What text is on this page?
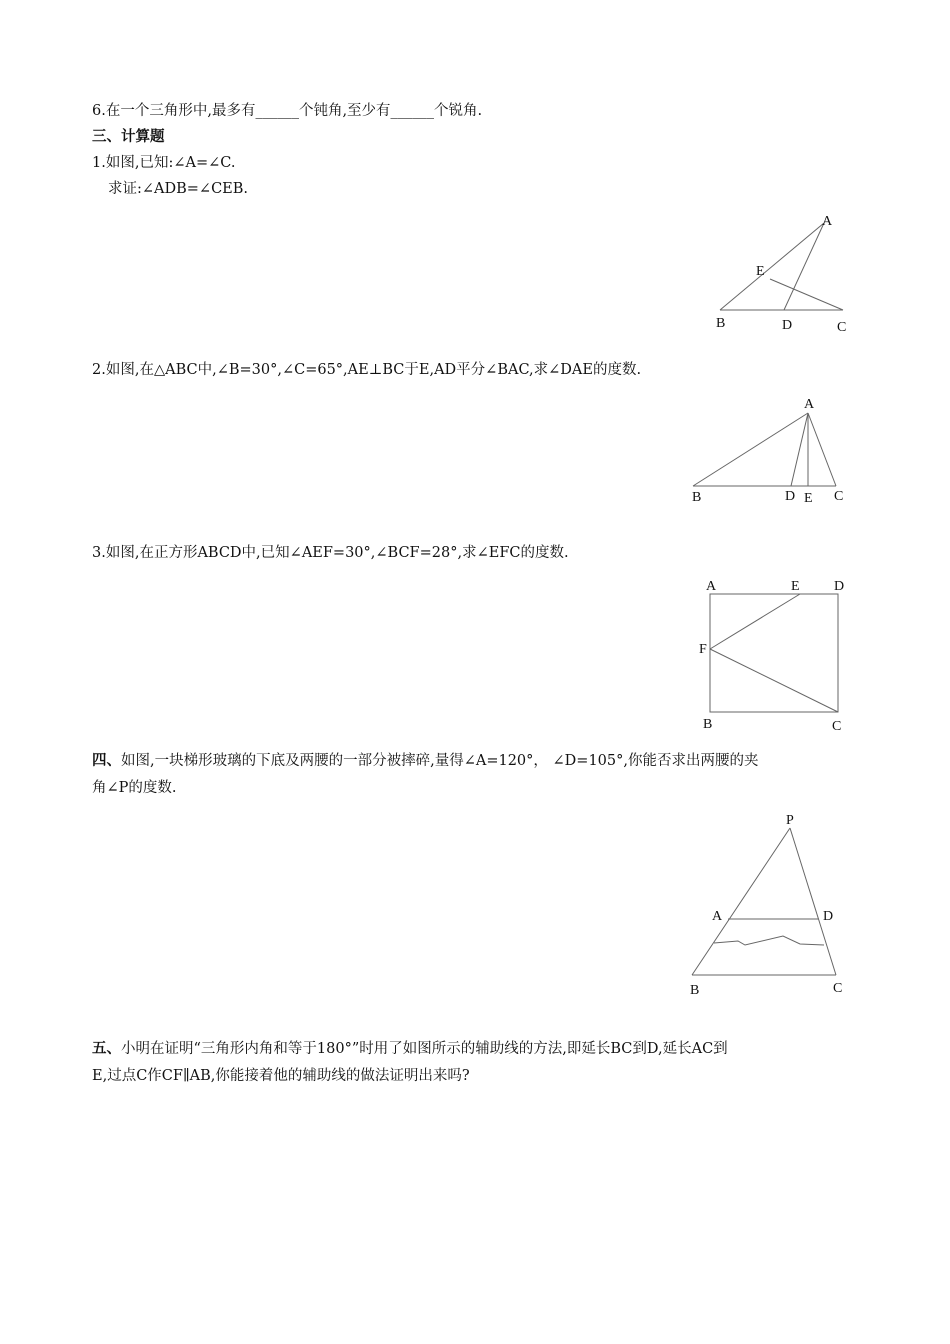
6.在一个三角形中,最多有______个钝角,至少有______个锐角.
三、计算题
1.如图,已知:∠A=∠C.
求证:∠ADB=∠CEB.
A
E
B	D	C
2.如图,在△ABC中,∠B=30°,∠C=65°,AE⊥BC于E,AD平分∠BAC,求∠DAE的度数.
A
B	D E C
3.如图,在正方形ABCD中,已知∠AEF=30°,∠BCF=28°,求∠EFC的度数.
A	E D
F
B	C
四、如图,一块梯形玻璃的下底及两腰的一部分被摔碎,量得∠A=120°， ∠D=105°,你能否求出两腰的夹
角∠P的度数.
P
A	D
B	C
五、小明在证明“三角形内角和等于180°”时用了如图所示的辅助线的方法,即延长BC到D,延长AC到
E,过点C作CF∥AB,你能接着他的辅助线的做法证明出来吗?
